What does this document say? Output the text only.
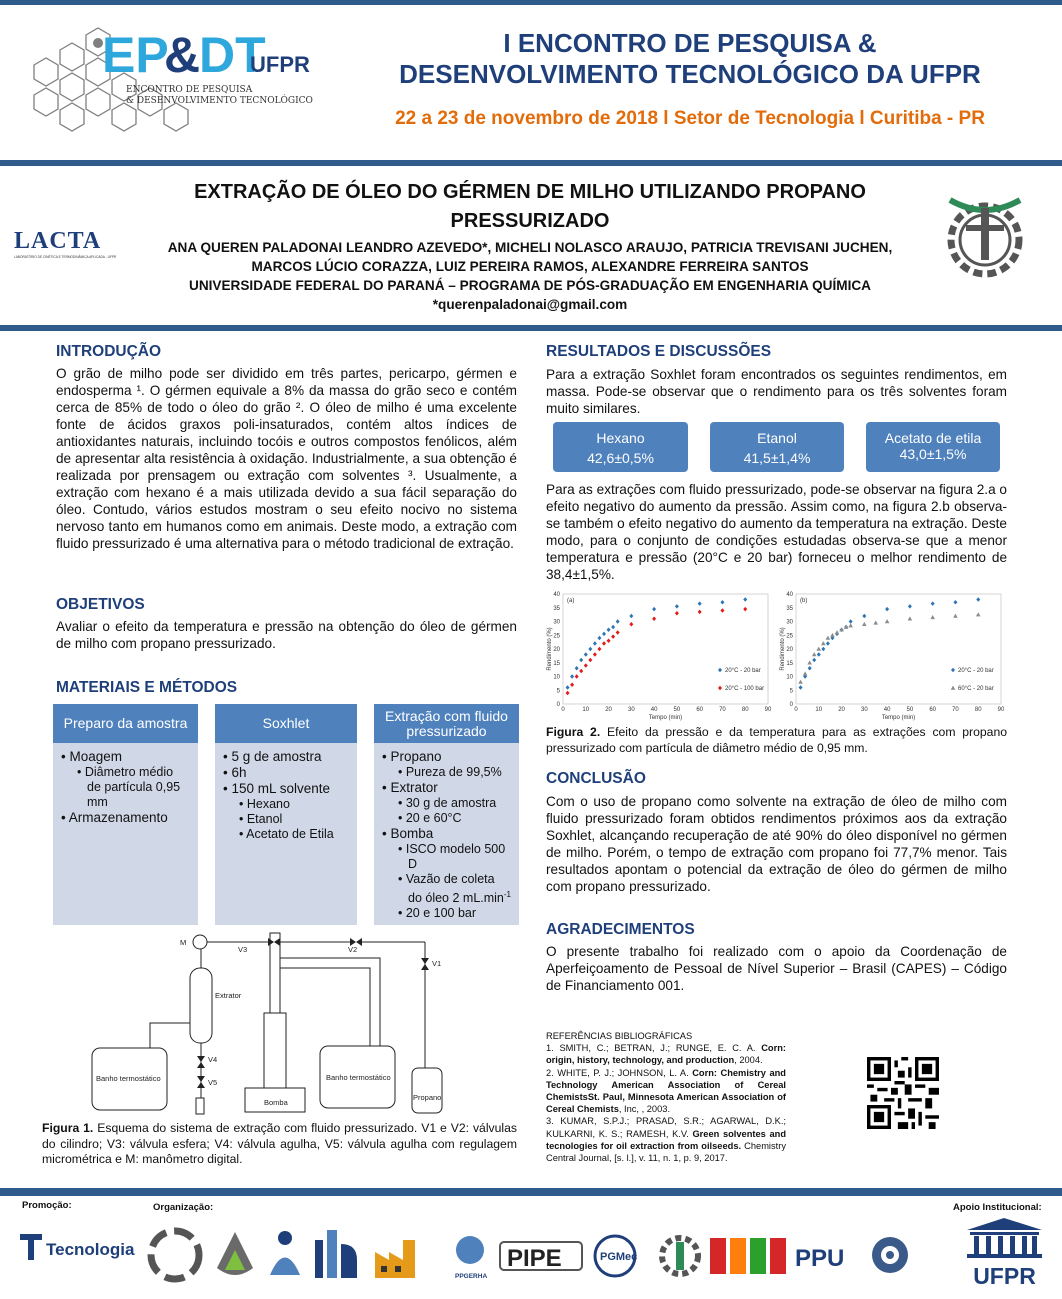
EP
&
DT
UFPR
ENCONTRO DE PESQUISA
& DESENVOLVIMENTO TECNOLÓGICO
I ENCONTRO DE PESQUISA &
DESENVOLVIMENTO TECNOLÓGICO DA UFPR
22 a 23 de novembro de 2018 l Setor de Tecnologia l Curitiba - PR
LACTA
LABORATÓRIO DE CINÉTICA E TERMODINÂMICA APLICADA - UFPR
EXTRAÇÃO DE ÓLEO DO GÉRMEN DE MILHO UTILIZANDO PROPANO
PRESSURIZADO
ANA QUEREN PALADONAI LEANDRO AZEVEDO*, MICHELI NOLASCO ARAUJO, PATRICIA TREVISANI JUCHEN,
MARCOS LÚCIO CORAZZA, LUIZ PEREIRA RAMOS, ALEXANDRE FERREIRA SANTOS
UNIVERSIDADE FEDERAL DO PARANÁ – PROGRAMA DE PÓS-GRADUAÇÃO EM ENGENHARIA QUÍMICA
*querenpaladonai@gmail.com
INTRODUÇÃO
O grão de milho pode ser dividido em três partes, pericarpo, gérmen e endosperma ¹. O gérmen equivale a 8% da massa do grão seco e contém cerca de 85% de todo o óleo do grão ². O óleo de milho é uma excelente fonte de ácidos graxos poli-insaturados, contém altos índices de antioxidantes naturais, incluindo tocóis e outros compostos fenólicos, além de apresentar alta resistência à oxidação. Industrialmente, a sua obtenção é realizada por prensagem ou extração com solventes ³. Usualmente, a extração com hexano é a mais utilizada devido a sua fácil separação do óleo. Contudo, vários estudos mostram o seu efeito nocivo no sistema nervoso tanto em humanos como em animais. Deste modo, a extração com fluido pressurizado é uma alternativa para o método tradicional de extração.
OBJETIVOS
Avaliar o efeito da temperatura e pressão na obtenção do óleo de gérmen de milho com propano pressurizado.
MATERIAIS E MÉTODOS
Preparo da amostra
• Moagem
• Diâmetro médio de partícula 0,95 mm
• Armazenamento
Soxhlet
• 5 g de amostra
• 6h
• 150 mL solvente
• Hexano
• Etanol
• Acetato de Etila
Extração com fluido pressurizado
• Propano
• Pureza de 99,5%
• Extrator
• 30 g de amostra
• 20 e 60°C
• Bomba
• ISCO modelo 500 D
• Vazão de coleta do óleo 2 $mL.\min^{-1}$
• 20 e 100 bar
M
V3	V2
V1
Extrator
V4
V5
Banho termostático	Banho termostático
Bomba
Propano
Figura 1. Esquema do sistema de extração com fluido pressurizado. V1 e V2: válvulas do cilindro; V3: válvula esfera; V4: válvula agulha, V5: válvula agulha com regulagem micrométrica e M: manômetro digital.
RESULTADOS E DISCUSSÕES
Para a extração Soxhlet foram encontrados os seguintes rendimentos, em massa. Pode-se observar que o rendimento para os três solventes foram muito similares.
Hexano
42,6±0,5%
Etanol
41,5±1,4%
Acetato de etila
43,0±1,5%
Para as extrações com fluido pressurizado, pode-se observar na figura 2.a o efeito negativo do aumento da pressão. Assim como, na figura 2.b observa-se também o efeito negativo do aumento da temperatura na extração. Deste modo, para o conjunto de condições estudadas observa-se que a menor temperatura e pressão (20°C e 20 bar) forneceu o melhor rendimento de 38,4±1,5%.
0
5
10
15
20
25
30
35
40
0	10	20	30	40	50	60	70	80	90
Tempo (min)
Rendimento (%)
(a)
20°C - 20 bar
20°C - 100 bar
0
5
10
15
20
25
30
35
40
0	10	20	30	40	50	60	70	80	90
Tempo (min)
Rendimento (%)
(b)
20°C - 20 bar
60°C - 20 bar
Figura 2. Efeito da pressão e da temperatura para as extrações com propano pressurizado com partícula de diâmetro médio de 0,95 mm.
CONCLUSÃO
Com o uso de propano como solvente na extração de óleo de milho com fluido pressurizado foram obtidos rendimentos próximos aos da extração Soxhlet, alcançando recuperação de até 90% do óleo disponível no gérmen de milho. Porém, o tempo de extração com propano foi 77,7% menor. Tais resultados apontam o potencial da extração de óleo do gérmen de milho com propano pressurizado.
AGRADECIMENTOS
O presente trabalho foi realizado com o apoio da Coordenação de Aperfeiçoamento de Pessoal de Nível Superior – Brasil (CAPES) – Código de Financiamento 001.
REFERÊNCIAS BIBLIOGRÁFICAS
1. SMITH, C.; BETRAN, J.; RUNGE, E. C. A. Corn: origin, history, technology, and production, 2004.
2. WHITE, P. J.; JOHNSON, L. A. Corn: Chemistry and Technology American Association of Cereal ChemistsSt. Paul, Minnesota American Association of Cereal Chemists, Inc, , 2003.
3. KUMAR, S.P.J.; PRASAD, S.R.; AGARWAL, D.K.; KULKARNI, K. S.; RAMESH, K.V. Green solventes and tecnologies for oil extraction from oilseeds. Chemistry Central Journal, [s. l.], v. 11, n. 1, p. 9, 2017.
Promoção:	Organização:	Apoio Institucional:
Tecnologia
PPGERHA
PIPE	PGMec	PPU
UFPR
